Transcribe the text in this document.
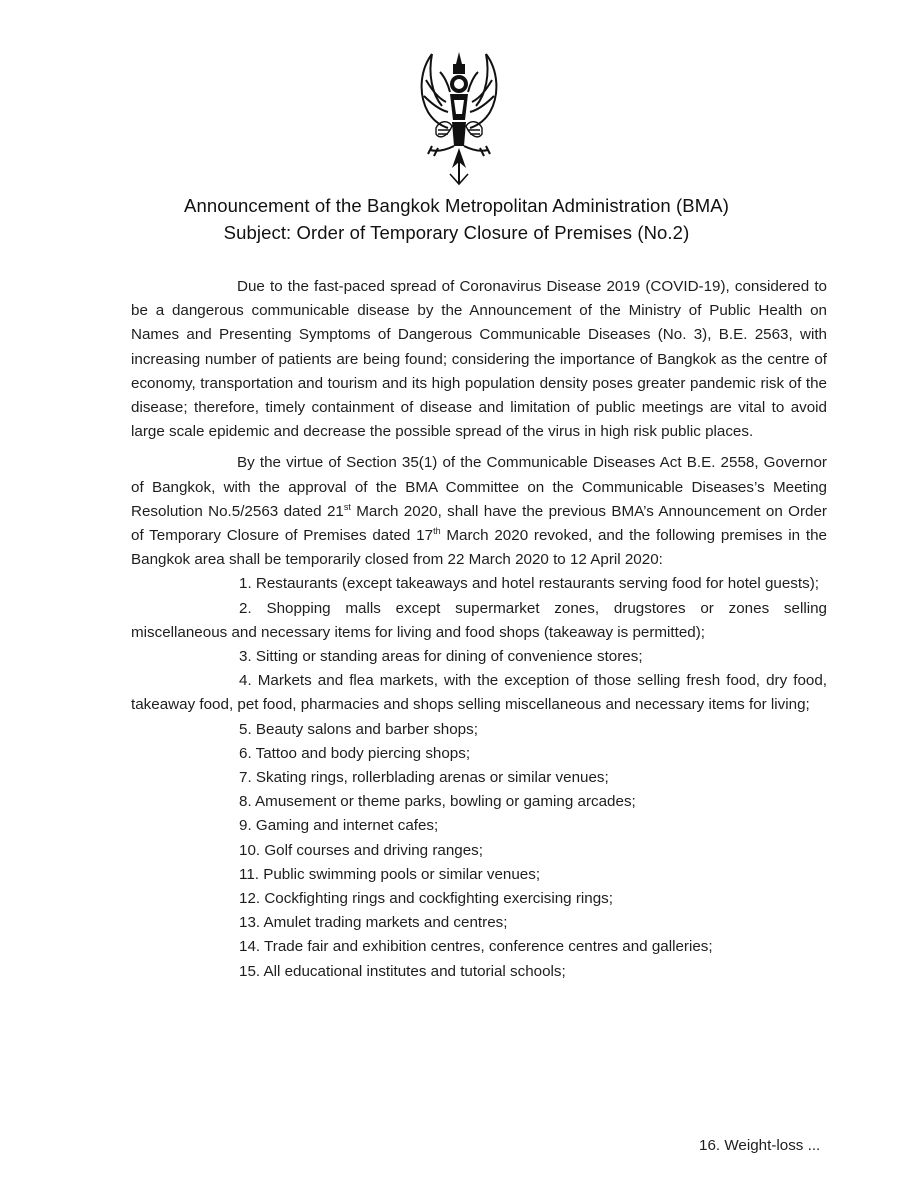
Announcement of the Bangkok Metropolitan Administration (BMA)
Subject: Order of Temporary Closure of Premises (No.2)

Due to the fast-paced spread of Coronavirus Disease 2019 (COVID-19), considered to be a dangerous communicable disease by the Announcement of the Ministry of Public Health on Names and Presenting Symptoms of Dangerous Communicable Diseases (No. 3), B.E. 2563, with increasing number of patients are being found; considering the importance of Bangkok as the centre of economy, transportation and tourism and its high population density poses greater pandemic risk of the disease; therefore, timely containment of disease and limitation of public meetings are vital to avoid large scale epidemic and decrease the possible spread of the virus in high risk public places.

By the virtue of Section 35(1) of the Communicable Diseases Act B.E. 2558, Governor of Bangkok, with the approval of the BMA Committee on the Communicable Diseases’s Meeting Resolution No.5/2563 dated 21st March 2020, shall have the previous BMA’s Announcement on Order of Temporary Closure of Premises dated 17th March 2020 revoked, and the following premises in the Bangkok area shall be temporarily closed from 22 March 2020 to 12 April 2020:

1. Restaurants (except takeaways and hotel restaurants serving food for hotel guests);
2. Shopping malls except supermarket zones, drugstores or zones selling miscellaneous and necessary items for living and food shops (takeaway is permitted);
3. Sitting or standing areas for dining of convenience stores;
4. Markets and flea markets, with the exception of those selling fresh food, dry food, takeaway food, pet food, pharmacies and shops selling miscellaneous and necessary items for living;
5. Beauty salons and barber shops;
6. Tattoo and body piercing shops;
7. Skating rings, rollerblading arenas or similar venues;
8. Amusement or theme parks, bowling or gaming arcades;
9. Gaming and internet cafes;
10. Golf courses and driving ranges;
11. Public swimming pools or similar venues;
12. Cockfighting rings and cockfighting exercising rings;
13. Amulet trading markets and centres;
14. Trade fair and exhibition centres, conference centres and galleries;
15. All educational institutes and tutorial schools;
16. Weight-loss ...
